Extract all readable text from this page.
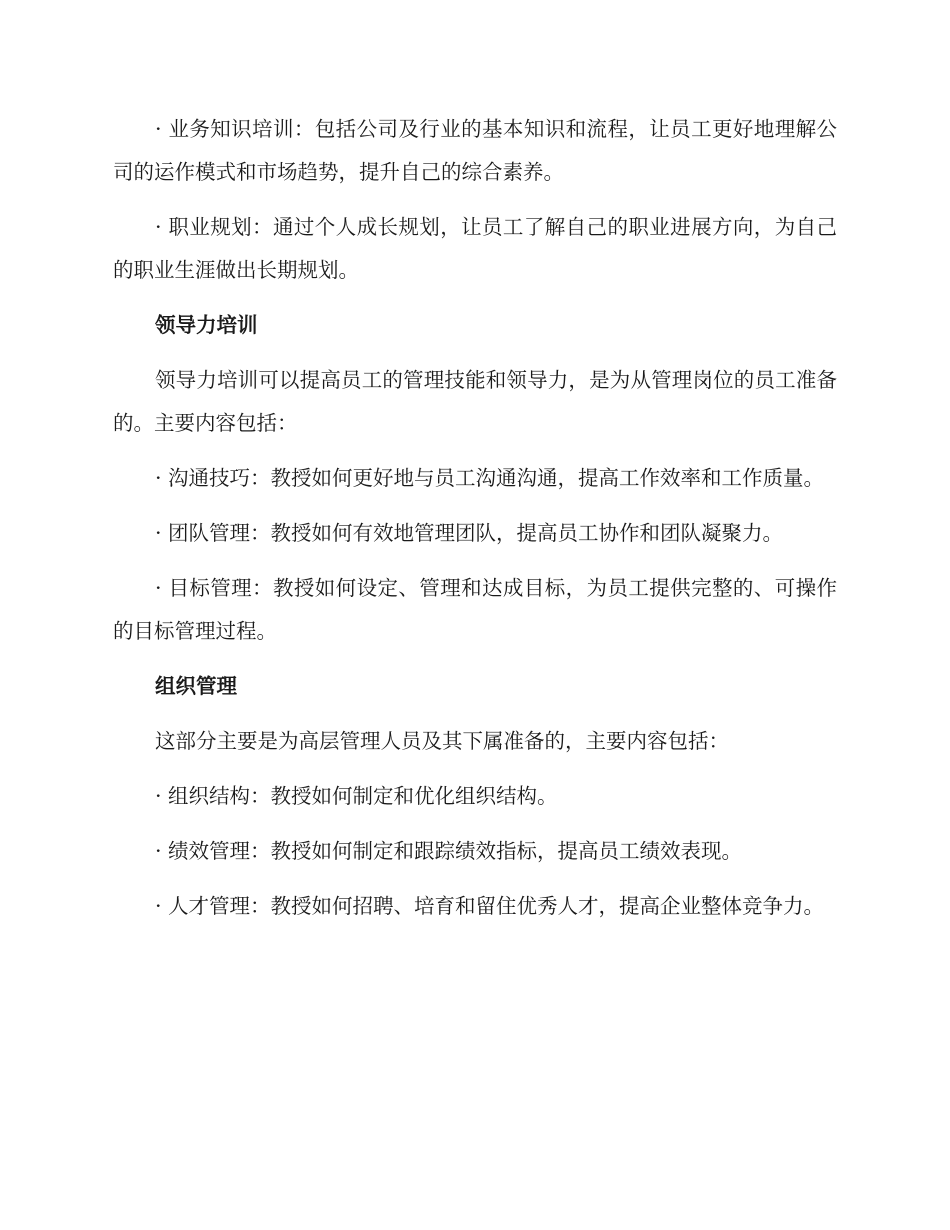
· 业务知识培训：包括公司及行业的基本知识和流程，让员工更好地理解公司的运作模式和市场趋势，提升自己的综合素养。

· 职业规划：通过个人成长规划，让员工了解自己的职业进展方向，为自己的职业生涯做出长期规划。

领导力培训

领导力培训可以提高员工的管理技能和领导力，是为从管理岗位的员工准备的。主要内容包括：

· 沟通技巧：教授如何更好地与员工沟通沟通，提高工作效率和工作质量。

· 团队管理：教授如何有效地管理团队，提高员工协作和团队凝聚力。

· 目标管理：教授如何设定、管理和达成目标，为员工提供完整的、可操作的目标管理过程。

组织管理

这部分主要是为高层管理人员及其下属准备的，主要内容包括：

· 组织结构：教授如何制定和优化组织结构。

· 绩效管理：教授如何制定和跟踪绩效指标，提高员工绩效表现。

· 人才管理：教授如何招聘、培育和留住优秀人才，提高企业整体竞争力。
